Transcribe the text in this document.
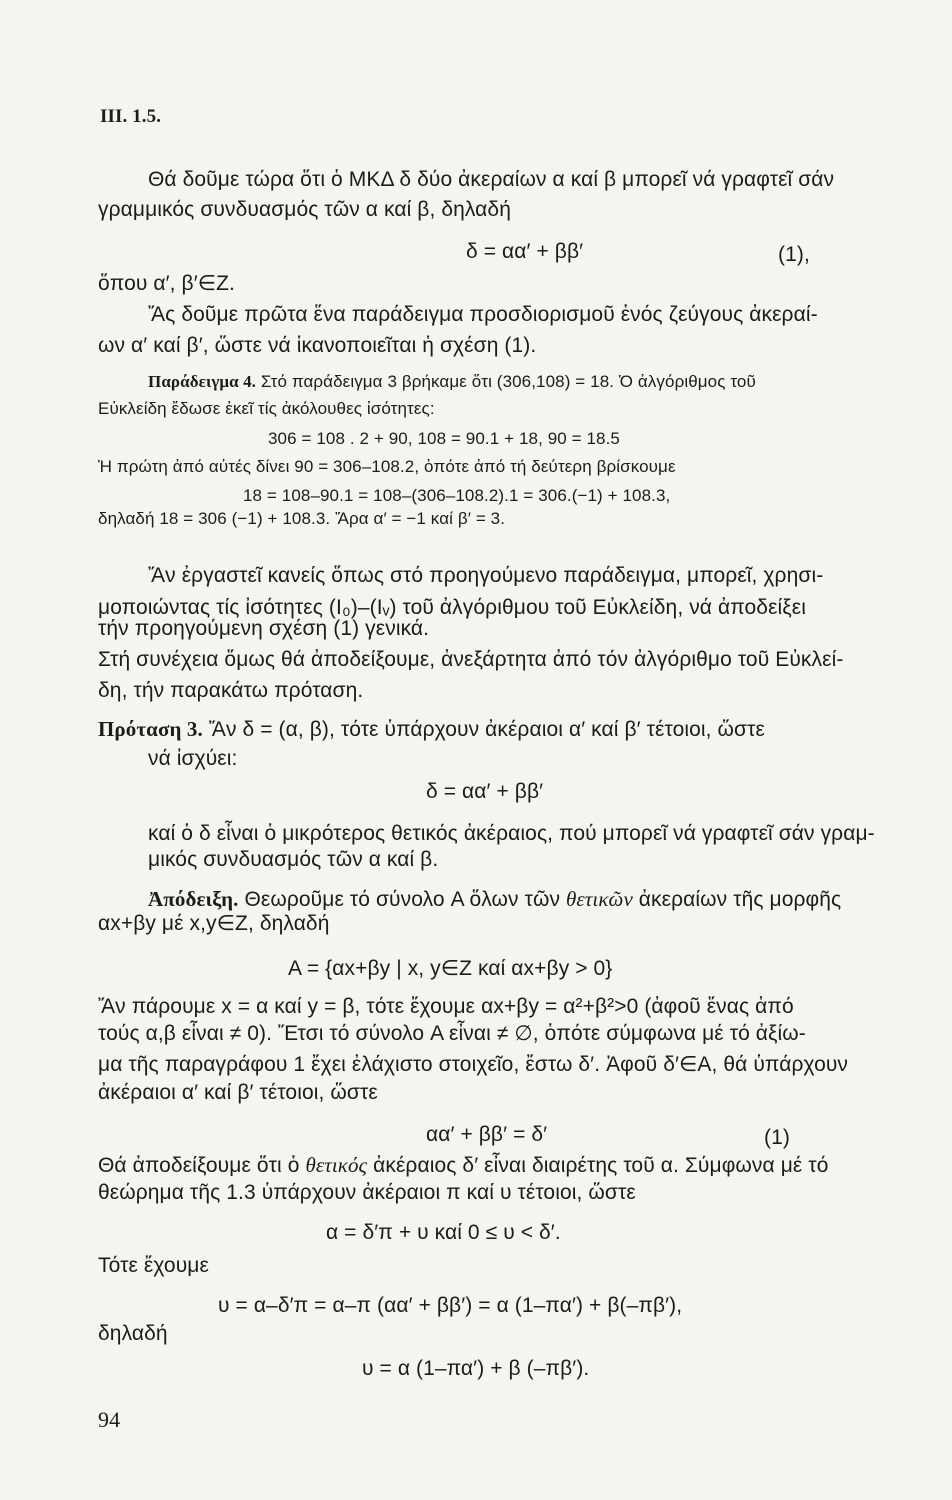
III. 1.5.
Θά δοῦμε τώρα ὅτι ὁ ΜΚΔ δ δύο ἀκεραίων α καί β μπορεῖ νά γραφτεῖ σάν
γραμμικός συνδυασμός τῶν α καί β, δηλαδή
δ = αα′ + ββ′	(1),
ὅπου α′, β′∈Z.
Ἄς δοῦμε πρῶτα ἕνα παράδειγμα προσδιορισμοῦ ἑνός ζεύγους ἀκεραί-
ων α′ καί β′, ὥστε νά ἱκανοποιεῖται ἡ σχέση (1).
Παράδειγμα 4. Στό παράδειγμα 3 βρήκαμε ὅτι (306,108) = 18. Ὁ ἀλγόριθμος τοῦ
Εὐκλείδη ἔδωσε ἐκεῖ τίς ἀκόλουθες ἰσότητες:
306 = 108 . 2 + 90, 108 = 90.1 + 18, 90 = 18.5
Ἡ πρώτη ἀπό αὐτές δίνει 90 = 306–108.2, ὁπότε ἀπό τή δεύτερη βρίσκουμε
18 = 108–90.1 = 108–(306–108.2).1 = 306.(−1) + 108.3,
δηλαδή 18 = 306 (−1) + 108.3. Ἄρα α′ = −1 καί β′ = 3.
Ἄν ἐργαστεῖ κανείς ὅπως στό προηγούμενο παράδειγμα, μπορεῖ, χρησι-
μοποιώντας τίς ἰσότητες (I₀)–(Iᵥ) τοῦ ἀλγόριθμου τοῦ Εὐκλείδη, νά ἀποδείξει
τήν προηγούμενη σχέση (1) γενικά.
Στή συνέχεια ὅμως θά ἀποδείξουμε, ἀνεξάρτητα ἀπό τόν ἀλγόριθμο τοῦ Εὐκλεί-
δη, τήν παρακάτω πρόταση.
Πρόταση 3. Ἄν δ = (α, β), τότε ὑπάρχουν ἀκέραιοι α′ καί β′ τέτοιοι, ὥστε
νά ἰσχύει:
δ = αα′ + ββ′
καί ὁ δ εἶναι ὁ μικρότερος θετικός ἀκέραιος, πού μπορεῖ νά γραφτεῖ σάν γραμ-
μικός συνδυασμός τῶν α καί β.
Ἀπόδειξη. Θεωροῦμε τό σύνολο A ὅλων τῶν θετικῶν ἀκεραίων τῆς μορφῆς
αx+βy μέ x,y∈Z, δηλαδή
A = {αx+βy | x, y∈Z καί αx+βy > 0}
Ἄν πάρουμε x = α καί y = β, τότε ἔχουμε αx+βy = α²+β²>0 (ἀφοῦ ἕνας ἀπό
τούς α,β εἶναι ≠ 0). Ἔτσι τό σύνολο A εἶναι ≠ ∅, ὁπότε σύμφωνα μέ τό ἀξίω-
μα τῆς παραγράφου 1 ἔχει ἐλάχιστο στοιχεῖο, ἔστω δ′. Ἀφοῦ δ′∈A, θά ὑπάρχουν
ἀκέραιοι α′ καί β′ τέτοιοι, ὥστε
αα′ + ββ′ = δ′	(1)
Θά ἀποδείξουμε ὅτι ὁ θετικός ἀκέραιος δ′ εἶναι διαιρέτης τοῦ α. Σύμφωνα μέ τό
θεώρημα τῆς 1.3 ὑπάρχουν ἀκέραιοι π καί υ τέτοιοι, ὥστε
α = δ′π + υ καί 0 ≤ υ < δ′.
Τότε ἔχουμε
υ = α–δ′π = α–π (αα′ + ββ′) = α (1–πα′) + β(–πβ′),
δηλαδή
υ = α (1–πα′) + β (–πβ′).
94
